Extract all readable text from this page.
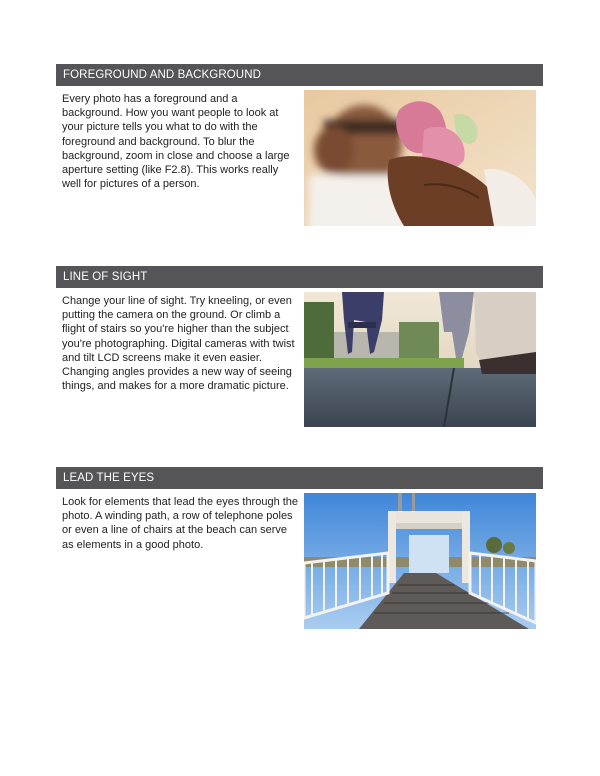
FOREGROUND AND BACKGROUND
Every photo has a foreground and a background. How you want people to look at your picture tells you what to do with the foreground and background. To blur the background, zoom in close and choose a large aperture setting (like F2.8). This works really well for pictures of a person.
LINE OF SIGHT
Change your line of sight. Try kneeling, or even putting the camera on the ground. Or climb a flight of stairs so you're higher than the subject you're photographing. Digital cameras with twist and tilt LCD screens make it even easier. Changing angles provides a new way of seeing things, and makes for a more dramatic picture.
LEAD THE EYES
Look for elements that lead the eyes through the photo. A winding path, a row of telephone poles or even a line of chairs at the beach can serve as elements in a good photo.
